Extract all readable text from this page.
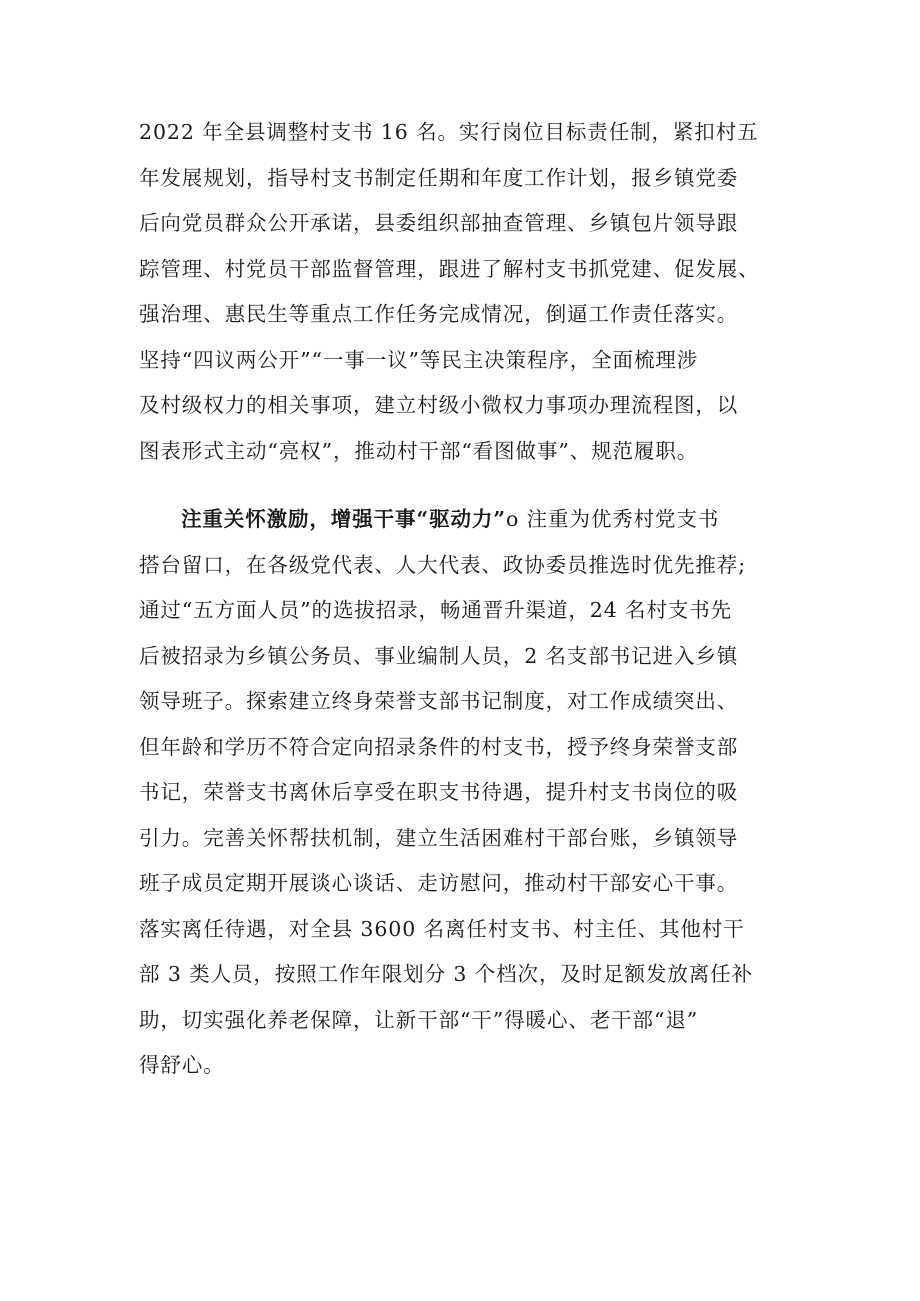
2022 年全县调整村支书 16 名。实行岗位目标责任制，紧扣村五
年发展规划，指导村支书制定任期和年度工作计划，报乡镇党委
后向党员群众公开承诺，县委组织部抽查管理、乡镇包片领导跟
踪管理、村党员干部监督管理，跟进了解村支书抓党建、促发展、
强治理、惠民生等重点工作任务完成情况，倒逼工作责任落实。
坚持“四议两公开”“一事一议”等民主决策程序，全面梳理涉
及村级权力的相关事项，建立村级小微权力事项办理流程图，以
图表形式主动“亮权”，推动村干部“看图做事”、规范履职。

注重关怀激励，增强干事“驱动力”o 注重为优秀村党支书
搭台留口，在各级党代表、人大代表、政协委员推选时优先推荐;
通过“五方面人员”的选拔招录，畅通晋升渠道，24 名村支书先
后被招录为乡镇公务员、事业编制人员，2 名支部书记进入乡镇
领导班子。探索建立终身荣誉支部书记制度，对工作成绩突出、
但年龄和学历不符合定向招录条件的村支书，授予终身荣誉支部
书记，荣誉支书离休后享受在职支书待遇，提升村支书岗位的吸
引力。完善关怀帮扶机制，建立生活困难村干部台账，乡镇领导
班子成员定期开展谈心谈话、走访慰问，推动村干部安心干事。
落实离任待遇，对全县 3600 名离任村支书、村主任、其他村干
部 3 类人员，按照工作年限划分 3 个档次，及时足额发放离任补
助，切实强化养老保障，让新干部“干”得暖心、老干部“退”
得舒心。
